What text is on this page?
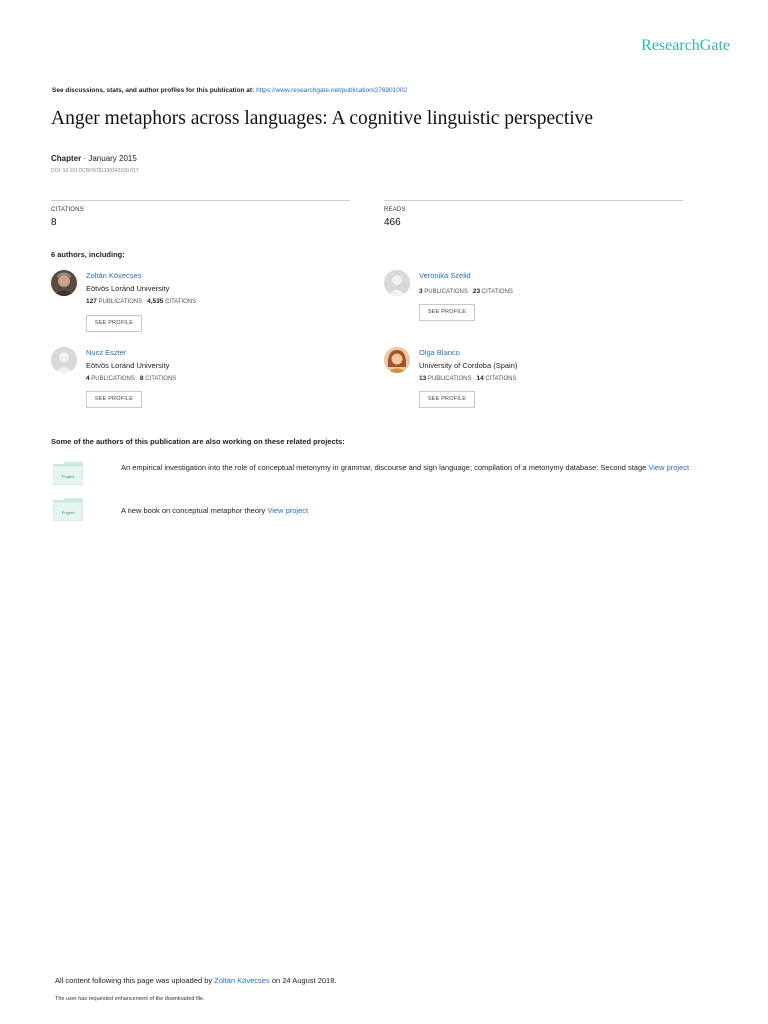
ResearchGate
See discussions, stats, and author profiles for this publication at: https://www.researchgate.net/publication/276901002
Anger metaphors across languages: A cognitive linguistic perspective
Chapter · January 2015
DOI: 10.1017/CBO9781139342100.017
CITATIONS
8
READS
466
6 authors, including:
Zoltán Kövecses
Eötvös Loránd University
127 PUBLICATIONS 4,535 CITATIONS
SEE PROFILE
Veronika Szelid
3 PUBLICATIONS 23 CITATIONS
SEE PROFILE
Nucz Eszter
Eötvös Loránd University
4 PUBLICATIONS 8 CITATIONS
SEE PROFILE
Olga Blanco
University of Cordoba (Spain)
13 PUBLICATIONS 14 CITATIONS
SEE PROFILE
Some of the authors of this publication are also working on these related projects:
Project
An empirical investigation into the role of conceptual metonymy in grammar, discourse and sign language; compilation of a metonymy database: Second stage View project
Project	A new book on conceptual metaphor theory View project
All content following this page was uploaded by Zoltán Kövecses on 24 August 2018.
The user has requested enhancement of the downloaded file.
